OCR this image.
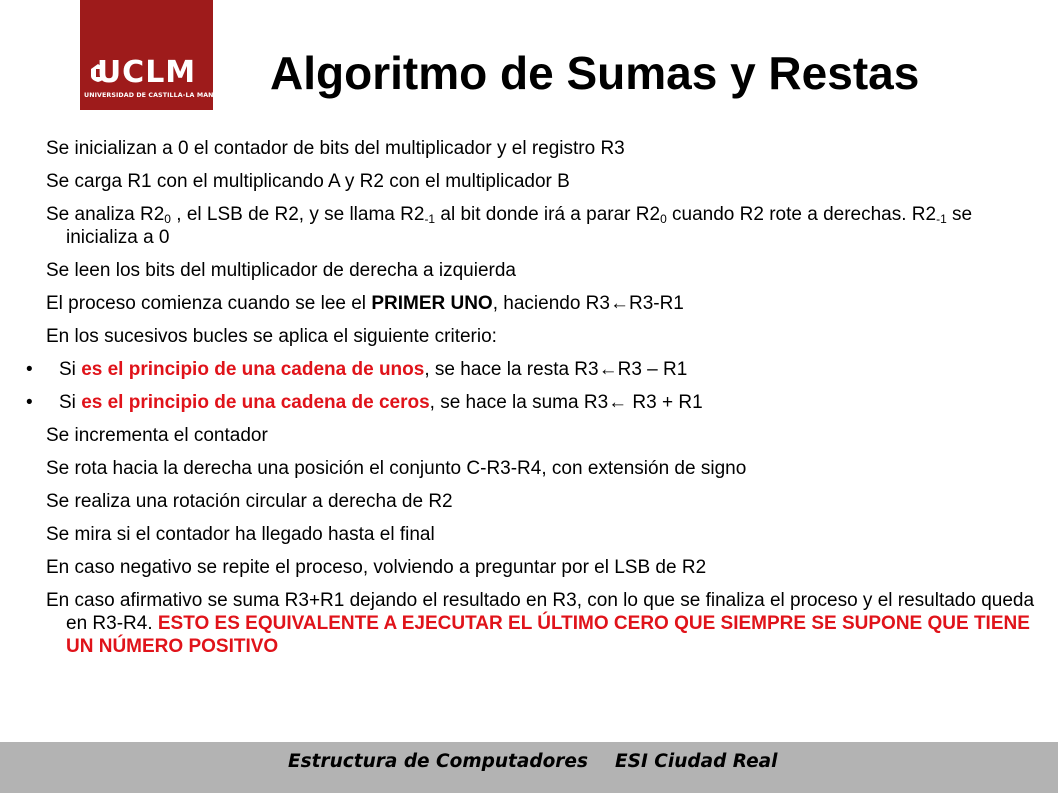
UCLM
UNIVERSIDAD DE CASTILLA-LA MANCHA Algoritmo de Sumas y Restas

Se inicializan a 0 el contador de bits del multiplicador y el registro R3

Se carga R1 con el multiplicando A y R2 con el multiplicador B

Se analiza $R2_0$ , el LSB de R2, y se llama $R2_{-1}$ al bit donde irá a parar $R2_0$ cuando R2 rote a derechas. $R2_{-1}$ se inicializa a 0

Se leen los bits del multiplicador de derecha a izquierda

El proceso comienza cuando se lee el PRIMER UNO, haciendo R3←R3-R1

En los sucesivos bucles se aplica el siguiente criterio:

•	Si es el principio de una cadena de unos, se hace la resta R3←R3 – R1

•	Si es el principio de una cadena de ceros, se hace la suma R3← R3 + R1

Se incrementa el contador

Se rota hacia la derecha una posición el conjunto C-R3-R4, con extensión de signo

Se realiza una rotación circular a derecha de R2

Se mira si el contador ha llegado hasta el final

En caso negativo se repite el proceso, volviendo a preguntar por el LSB de R2

En caso afirmativo se suma R3+R1 dejando el resultado en R3, con lo que se finaliza el proceso y el resultado queda en R3-R4. ESTO ES EQUIVALENTE A EJECUTAR EL ÚLTIMO CERO QUE SIEMPRE SE SUPONE QUE TIENE UN NÚMERO POSITIVO

Estructura de Computadores ESI Ciudad Real
